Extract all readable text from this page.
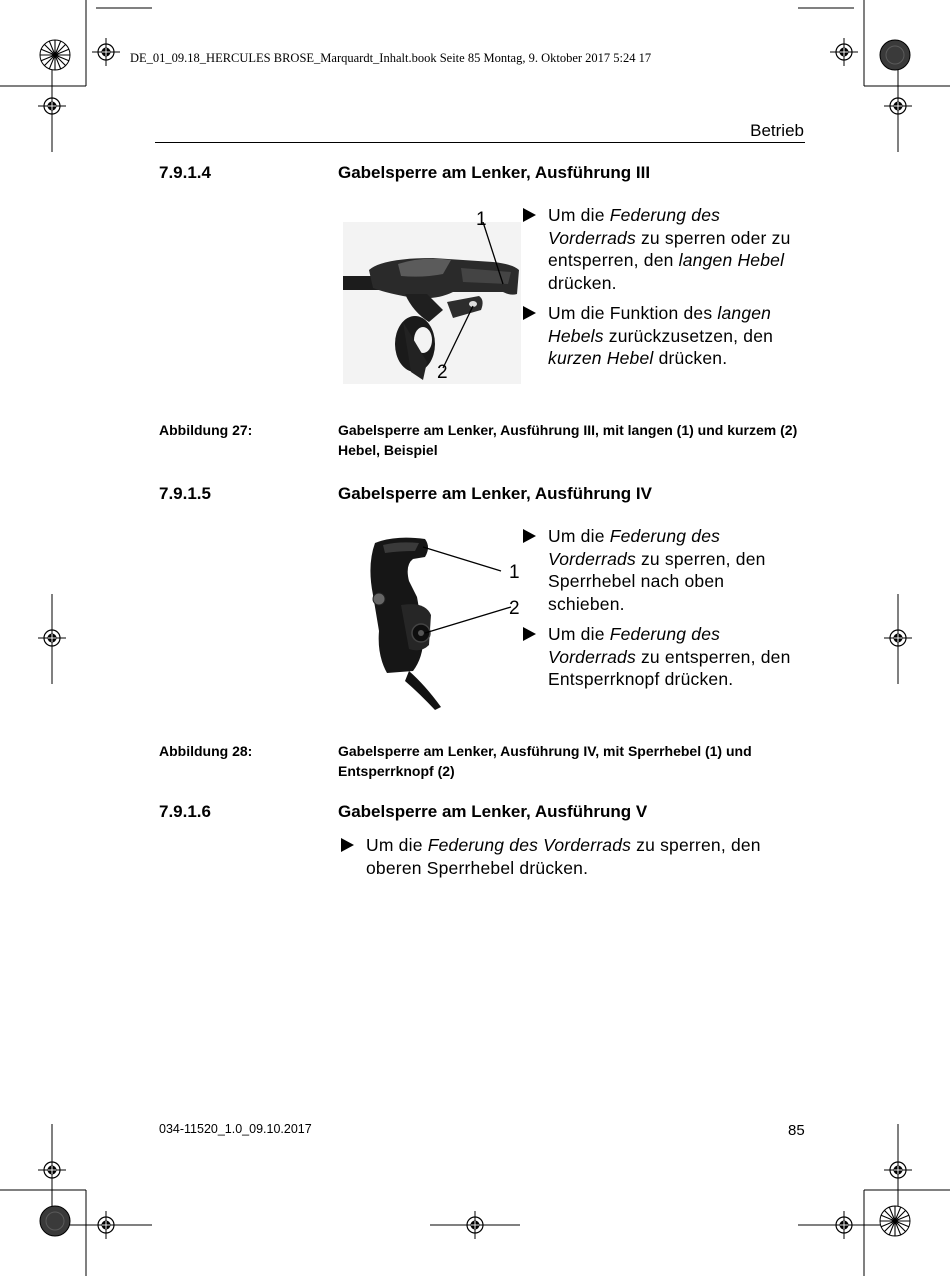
DE_01_09.18_HERCULES BROSE_Marquardt_Inhalt.book Seite 85 Montag, 9. Oktober 2017 5:24 17
Betrieb
7.9.1.4	Gabelsperre am Lenker, Ausführung III
1
2
Um die Federung des Vorderrads zu sperren oder zu entsperren, den langen Hebel drücken.
Um die Funktion des langen Hebels zurückzusetzen, den kurzen Hebel drücken.
Abbildung 27:	Gabelsperre am Lenker, Ausführung III, mit langen (1) und kurzem (2) Hebel, Beispiel
7.9.1.5	Gabelsperre am Lenker, Ausführung IV
1
2
Um die Federung des Vorderrads zu sperren, den Sperrhebel nach oben schieben.
Um die Federung des Vorderrads zu entsperren, den Entsperrknopf drücken.
Abbildung 28:	Gabelsperre am Lenker, Ausführung IV, mit Sperrhebel (1) und Entsperrknopf (2)
7.9.1.6	Gabelsperre am Lenker, Ausführung V
Um die Federung des Vorderrads zu sperren, den oberen Sperrhebel drücken.
034-11520_1.0_09.10.2017	85
